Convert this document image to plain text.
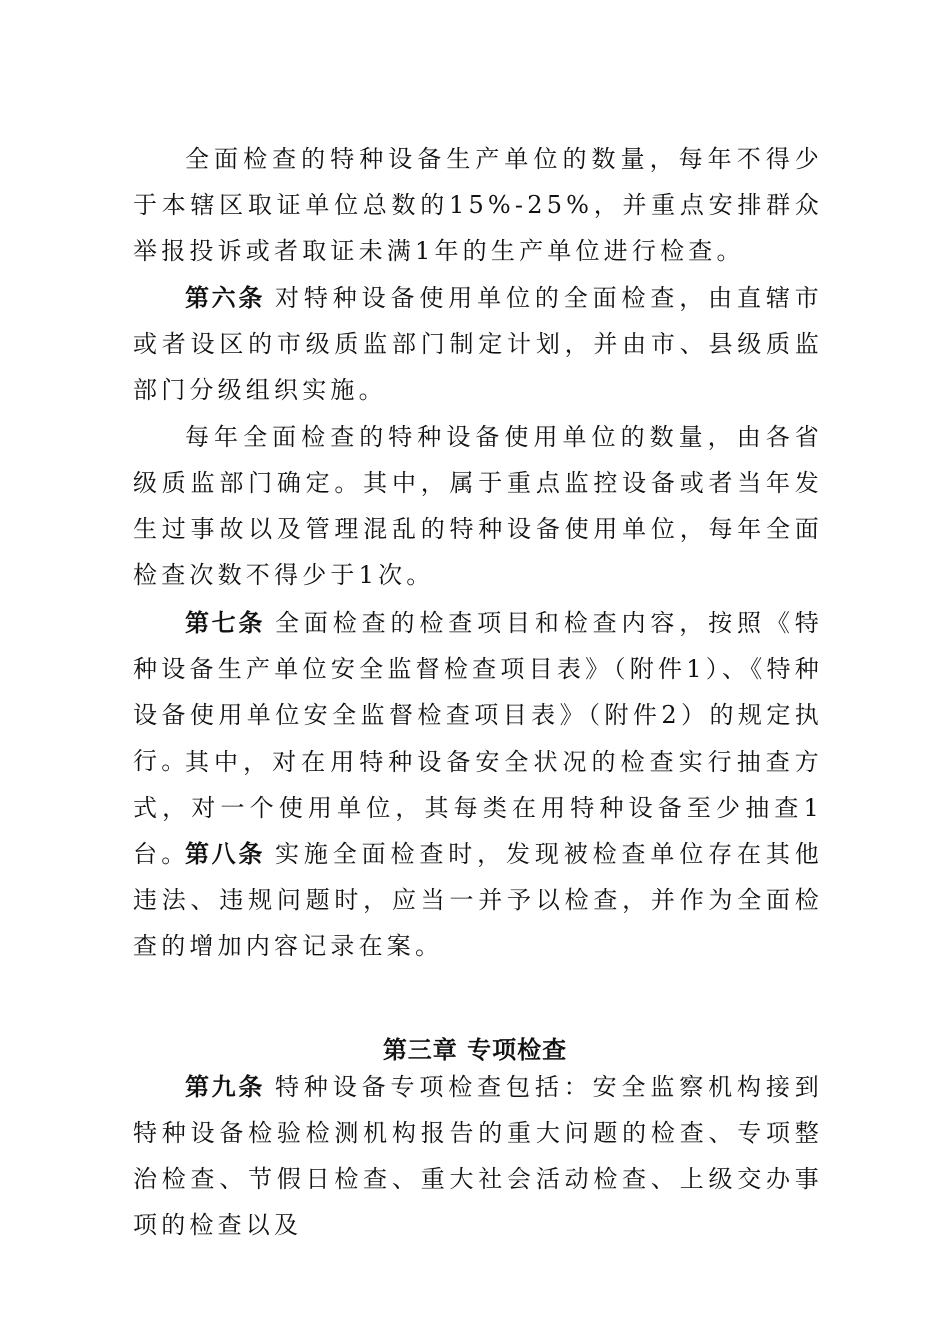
全面检查的特种设备生产单位的数量，每年不得少于本辖区取证单位总数的15%-25%，并重点安排群众举报投诉或者取证未满1年的生产单位进行检查。

第六条 对特种设备使用单位的全面检查，由直辖市或者设区的市级质监部门制定计划，并由市、县级质监部门分级组织实施。

每年全面检查的特种设备使用单位的数量，由各省级质监部门确定。其中，属于重点监控设备或者当年发生过事故以及管理混乱的特种设备使用单位，每年全面检查次数不得少于1次。

第七条 全面检查的检查项目和检查内容，按照《特种设备生产单位安全监督检查项目表》（附件1）、《特种设备使用单位安全监督检查项目表》（附件2）的规定执行。

其中，对在用特种设备安全状况的检查实行抽查方式，对一个使用单位，其每类在用特种设备至少抽查1台。

第八条 实施全面检查时，发现被检查单位存在其他违法、违规问题时，应当一并予以检查，并作为全面检查的增加内容记录在案。

第三章 专项检查

第九条 特种设备专项检查包括：安全监察机构接到特种设备检验检测机构报告的重大问题的检查、专项整治检查、节假日检查、重大社会活动检查、上级交办事项的检查以及
